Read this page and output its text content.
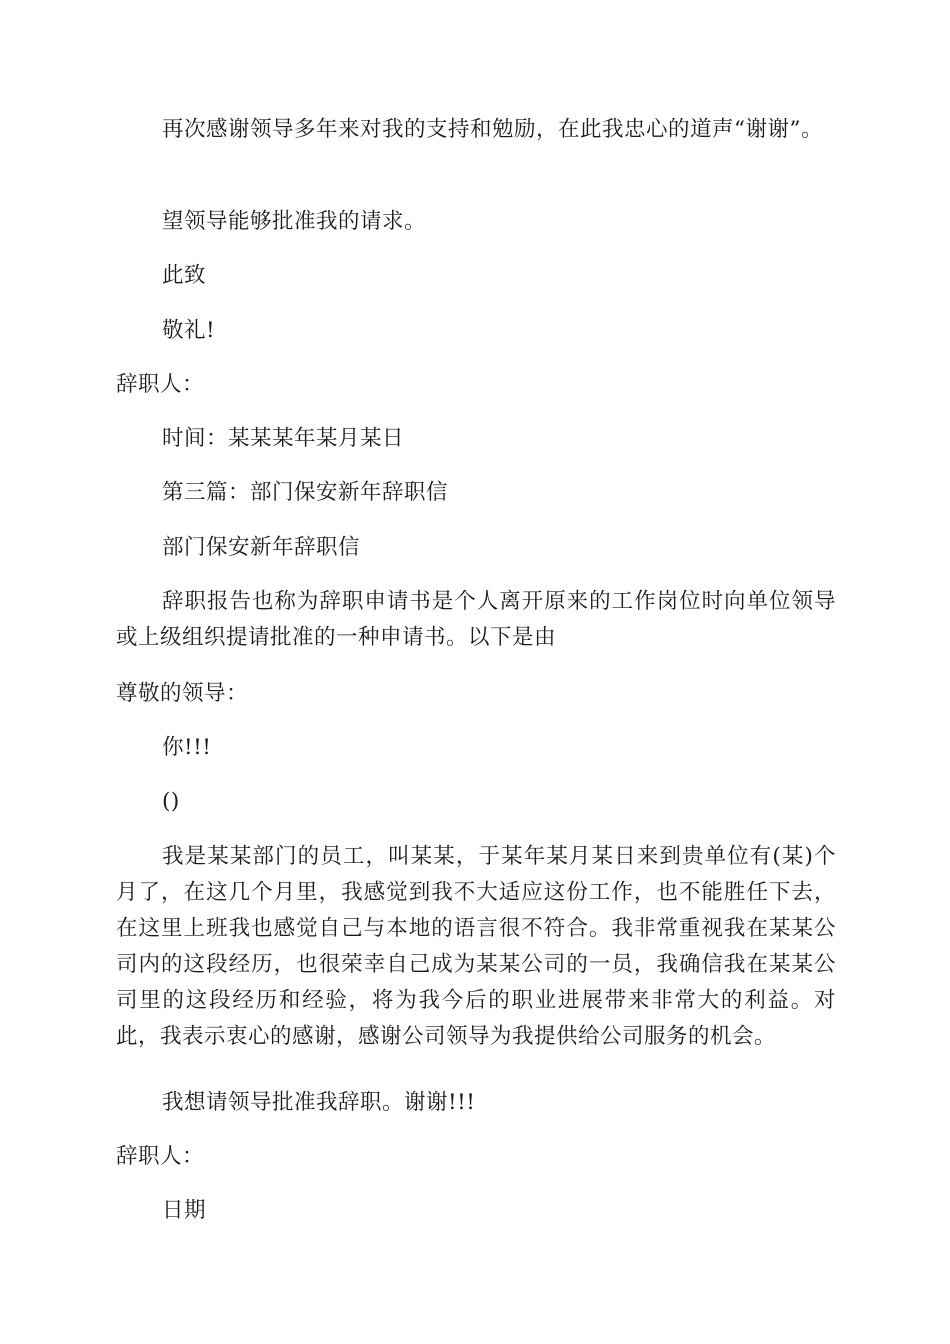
再次感谢领导多年来对我的支持和勉励，在此我忠心的道声“谢谢”。

望领导能够批准我的请求。

此致

敬礼!

辞职人：

时间：某某某年某月某日

第三篇：部门保安新年辞职信

部门保安新年辞职信

辞职报告也称为辞职申请书是个人离开原来的工作岗位时向单位领导或上级组织提请批准的一种申请书。以下是由

尊敬的领导：

你!!!

()

我是某某部门的员工，叫某某，于某年某月某日来到贵单位有(某)个月了，在这几个月里，我感觉到我不大适应这份工作，也不能胜任下去，在这里上班我也感觉自己与本地的语言很不符合。我非常重视我在某某公司内的这段经历，也很荣幸自己成为某某公司的一员，我确信我在某某公司里的这段经历和经验，将为我今后的职业进展带来非常大的利益。对此，我表示衷心的感谢，感谢公司领导为我提供给公司服务的机会。

我想请领导批准我辞职。谢谢!!!

辞职人：

日期
